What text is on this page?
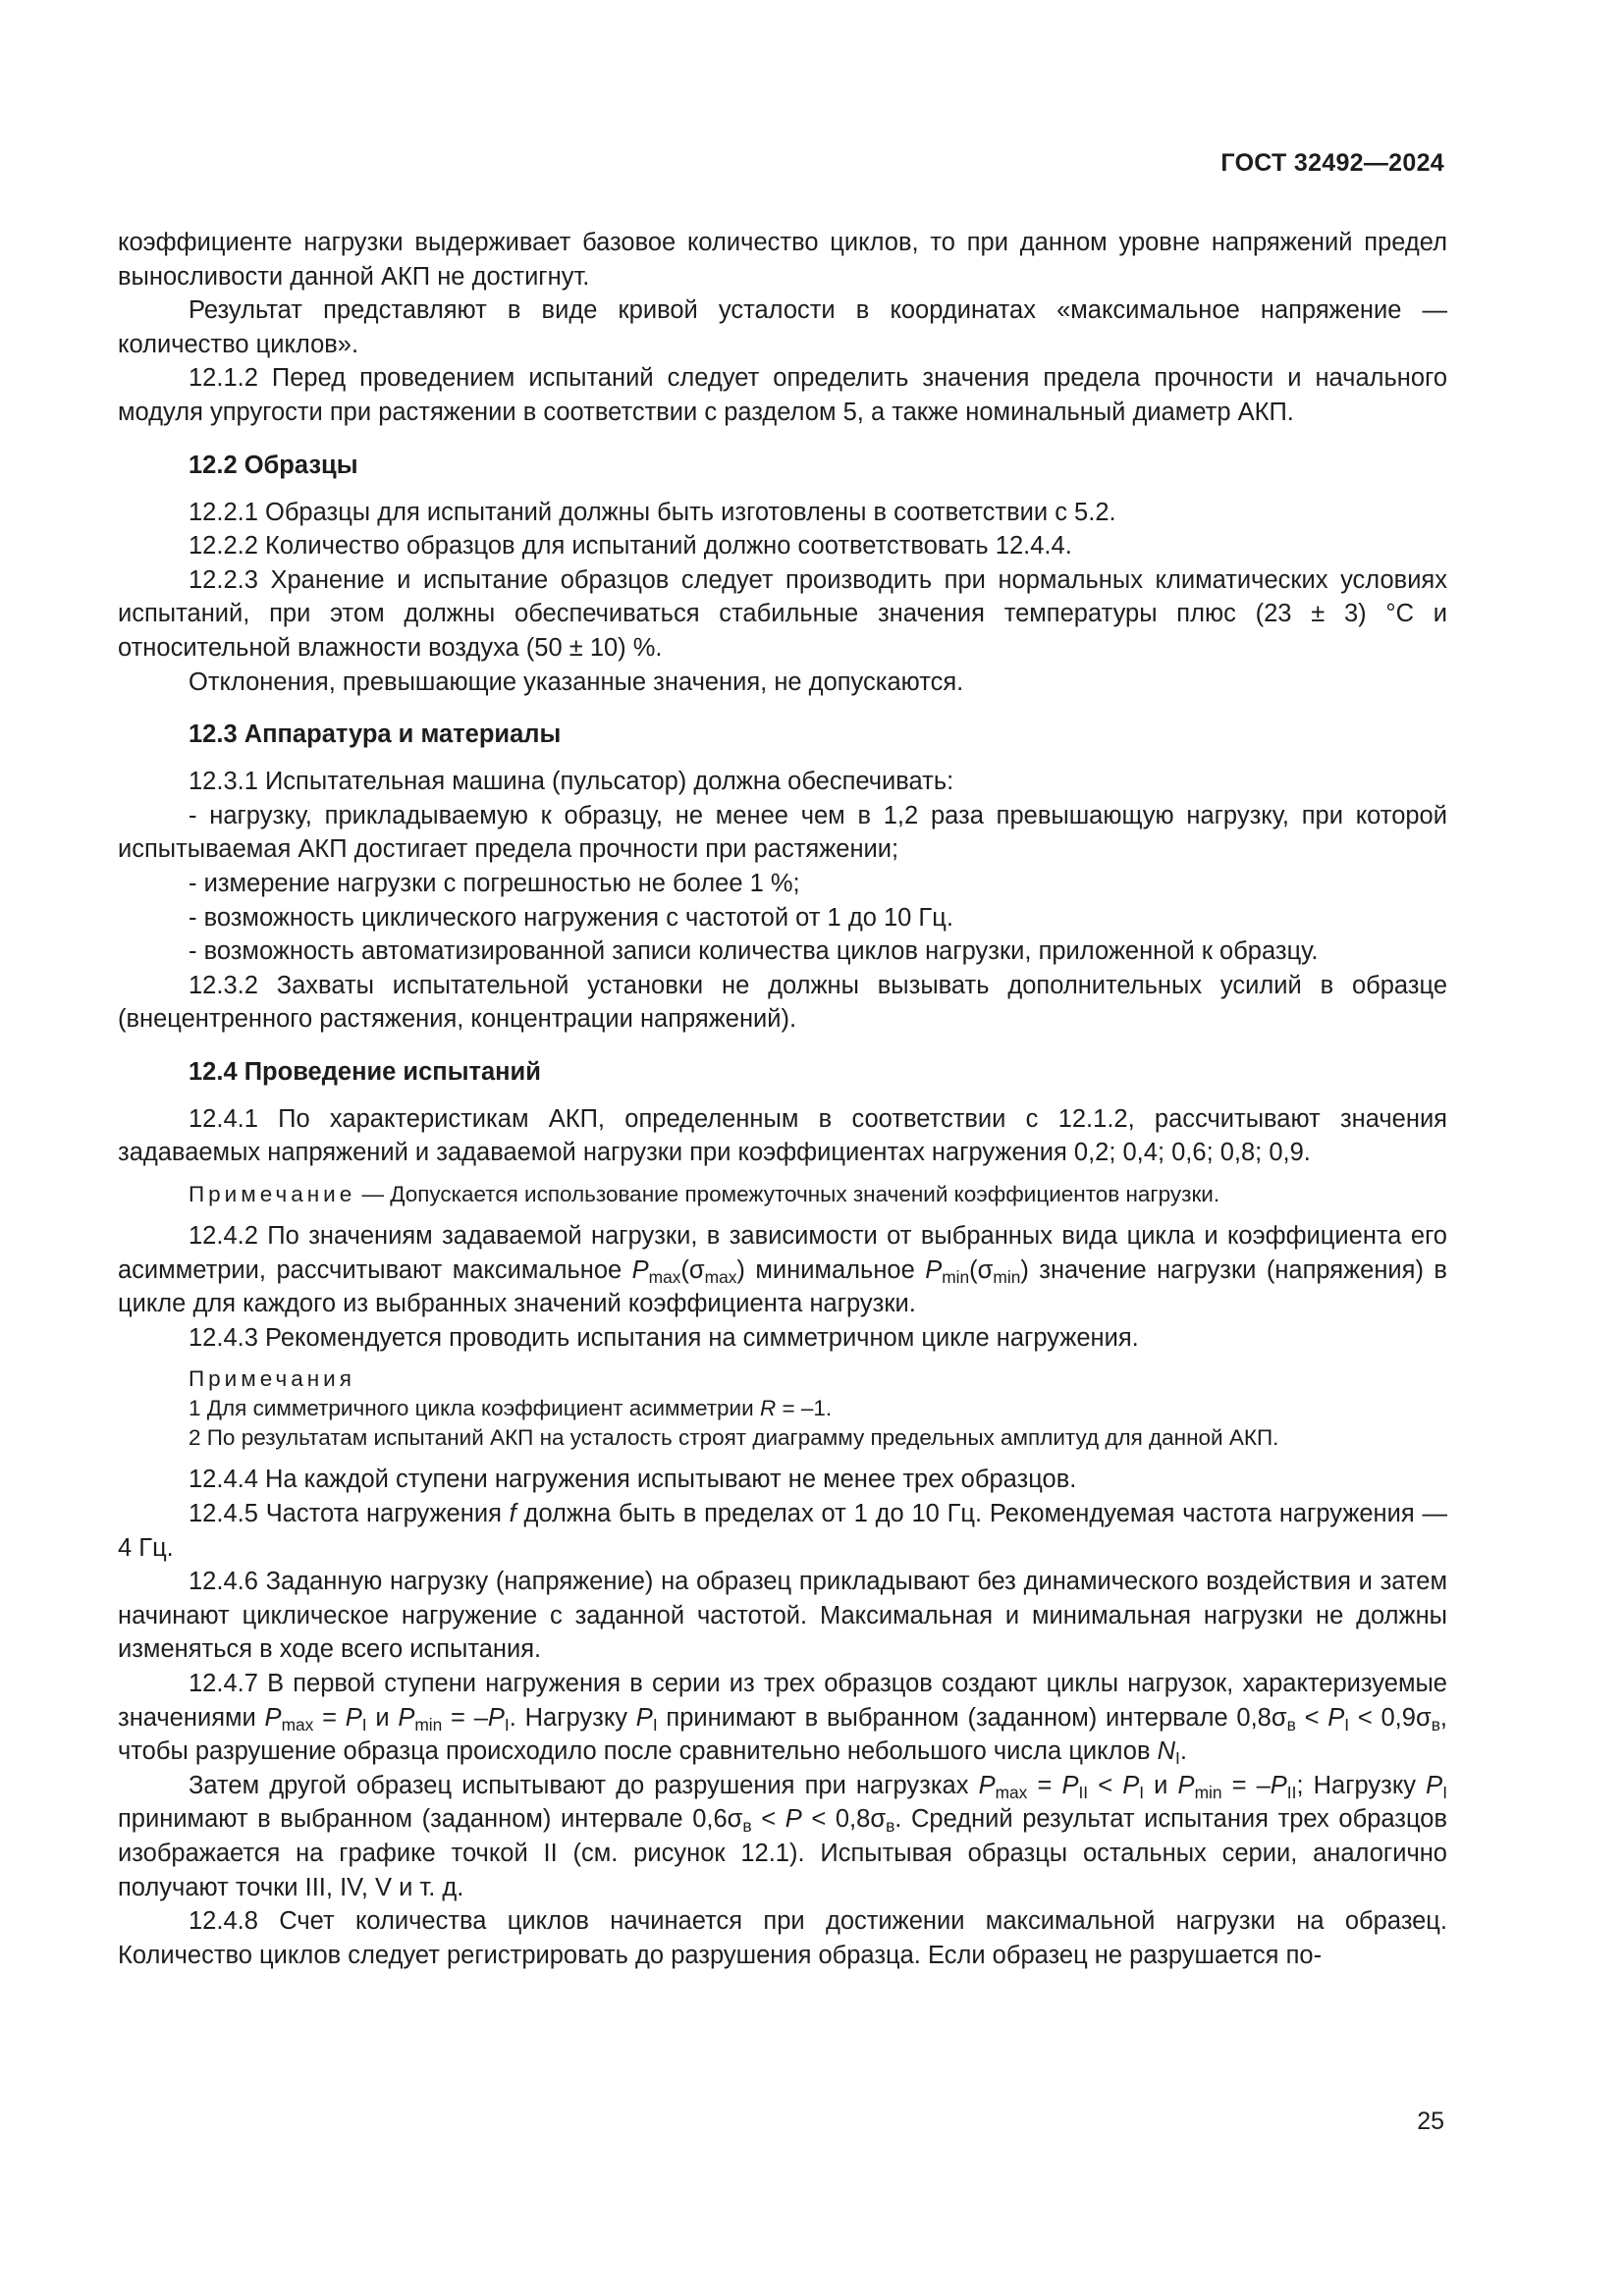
ГОСТ 32492—2024

коэффициенте нагрузки выдерживает базовое количество циклов, то при данном уровне напряжений предел выносливости данной АКП не достигнут.

Результат представляют в виде кривой усталости в координатах «максимальное напряжение — количество циклов».

12.1.2 Перед проведением испытаний следует определить значения предела прочности и начального модуля упругости при растяжении в соответствии с разделом 5, а также номинальный диаметр АКП.

12.2 Образцы

12.2.1 Образцы для испытаний должны быть изготовлены в соответствии с 5.2.

12.2.2 Количество образцов для испытаний должно соответствовать 12.4.4.

12.2.3 Хранение и испытание образцов следует производить при нормальных климатических условиях испытаний, при этом должны обеспечиваться стабильные значения температуры плюс (23 ± 3) °С и относительной влажности воздуха (50 ± 10) %.

Отклонения, превышающие указанные значения, не допускаются.

12.3 Аппаратура и материалы

12.3.1 Испытательная машина (пульсатор) должна обеспечивать:

- нагрузку, прикладываемую к образцу, не менее чем в 1,2 раза превышающую нагрузку, при которой испытываемая АКП достигает предела прочности при растяжении;

- измерение нагрузки с погрешностью не более 1 %;

- возможность циклического нагружения с частотой от 1 до 10 Гц.

- возможность автоматизированной записи количества циклов нагрузки, приложенной к образцу.

12.3.2 Захваты испытательной установки не должны вызывать дополнительных усилий в образце (внецентренного растяжения, концентрации напряжений).

12.4 Проведение испытаний

12.4.1 По характеристикам АКП, определенным в соответствии с 12.1.2, рассчитывают значения задаваемых напряжений и задаваемой нагрузки при коэффициентах нагружения 0,2; 0,4; 0,6; 0,8; 0,9.

Примечание — Допускается использование промежуточных значений коэффициентов нагрузки.

12.4.2 По значениям задаваемой нагрузки, в зависимости от выбранных вида цикла и коэффициента его асимметрии, рассчитывают максимальное $P_{max}(\sigma_{max})$ минимальное $P_{min}(\sigma_{min})$ значение нагрузки (напряжения) в цикле для каждого из выбранных значений коэффициента нагрузки.

12.4.3 Рекомендуется проводить испытания на симметричном цикле нагружения.

Примечания

1 Для симметричного цикла коэффициент асимметрии R = –1.

2 По результатам испытаний АКП на усталость строят диаграмму предельных амплитуд для данной АКП.

12.4.4 На каждой ступени нагружения испытывают не менее трех образцов.

12.4.5 Частота нагружения f должна быть в пределах от 1 до 10 Гц. Рекомендуемая частота нагружения — 4 Гц.

12.4.6 Заданную нагрузку (напряжение) на образец прикладывают без динамического воздействия и затем начинают циклическое нагружение с заданной частотой. Максимальная и минимальная нагрузки не должны изменяться в ходе всего испытания.

12.4.7 В первой ступени нагружения в серии из трех образцов создают циклы нагрузок, характеризуемые значениями $P_{max} = P_I$ и $P_{min} = -P_I$. Нагрузку $P_I$ принимают в выбранном (заданном) интервале $0,8\sigma_в < P_I < 0,9\sigma_в$, чтобы разрушение образца происходило после сравнительно небольшого числа циклов $N_I$.

Затем другой образец испытывают до разрушения при нагрузках $P_{max} = P_{II} < P_I$ и $P_{min} = -P_{II}$; Нагрузку $P_I$ принимают в выбранном (заданном) интервале $0,6\sigma_в < P < 0,8\sigma_в$. Средний результат испытания трех образцов изображается на графике точкой II (см. рисунок 12.1). Испытывая образцы остальных серии, аналогично получают точки III, IV, V и т. д.

12.4.8 Счет количества циклов начинается при достижении максимальной нагрузки на образец. Количество циклов следует регистрировать до разрушения образца. Если образец не разрушается по-

25
